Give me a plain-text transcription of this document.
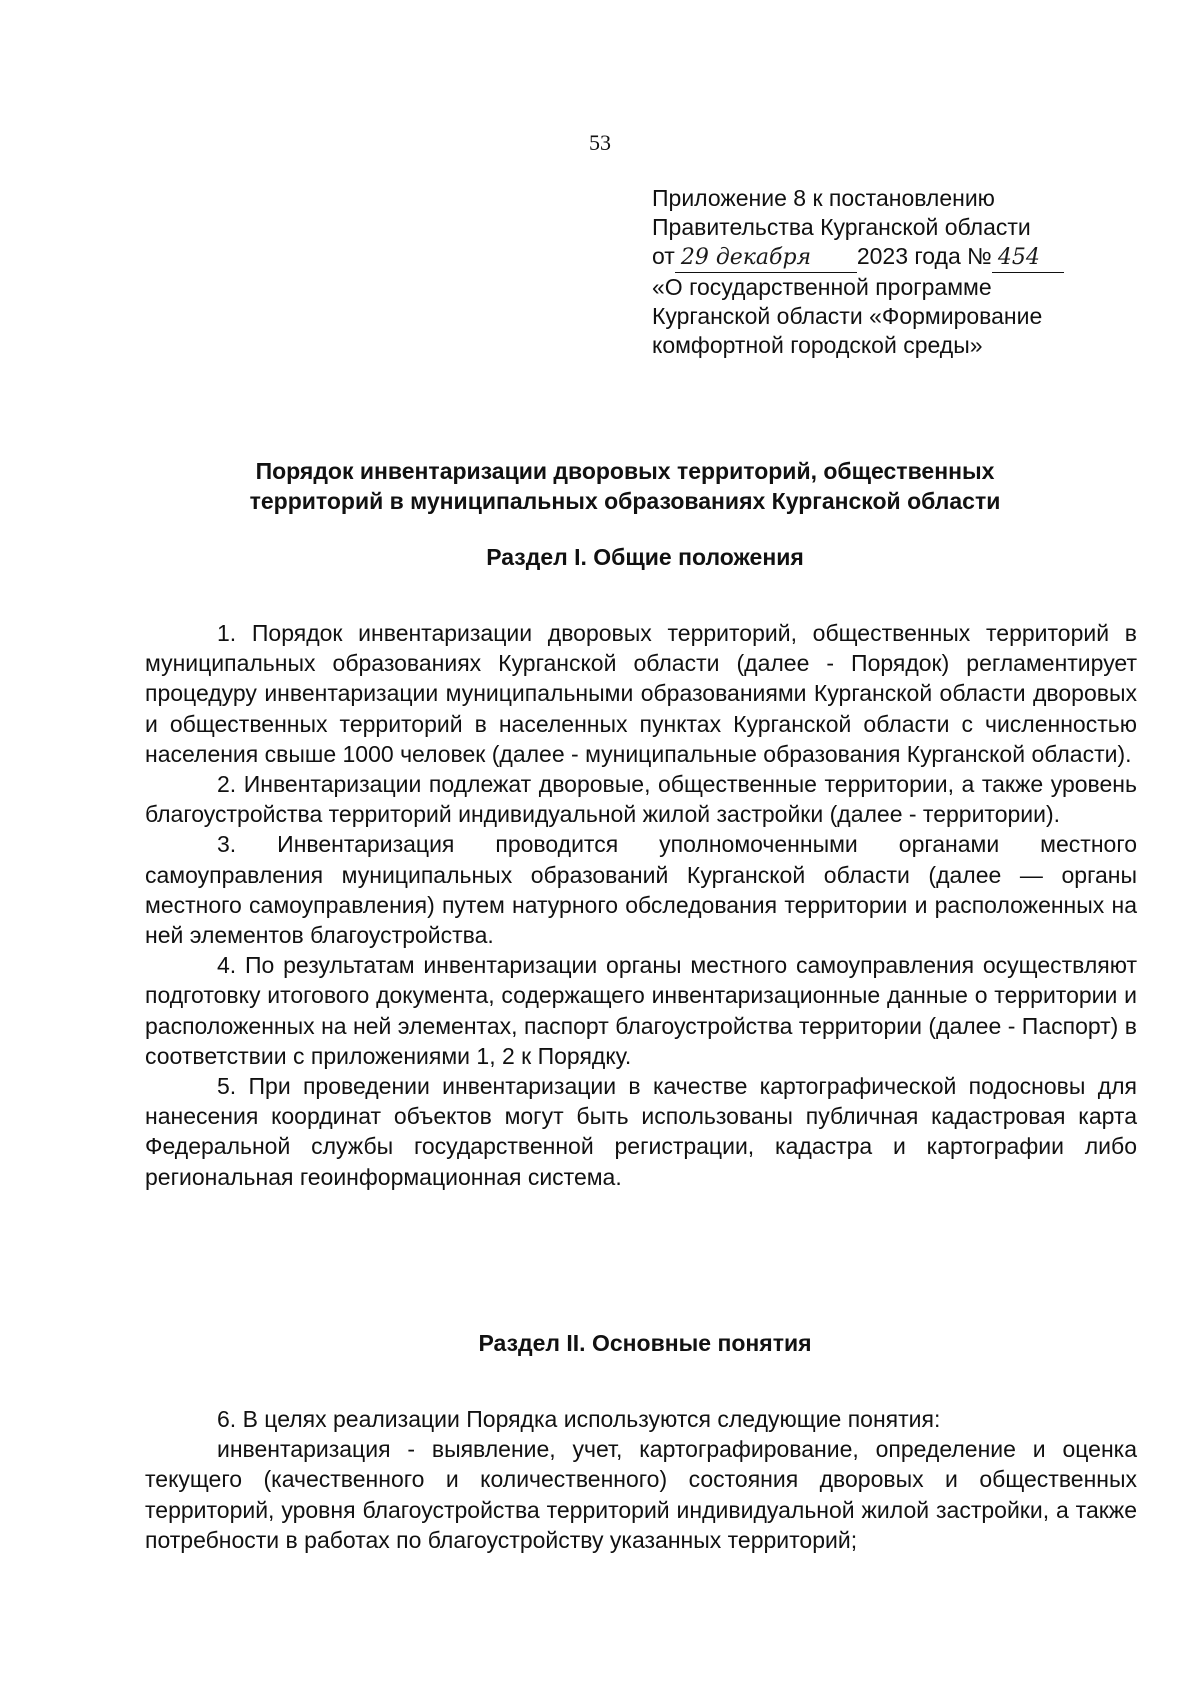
53
Приложение 8 к постановлению
Правительства Курганской области
от 29 декабря 2023 года № 454
«О государственной программе
Курганской области «Формирование
комфортной городской среды»
Порядок инвентаризации дворовых территорий, общественных
территорий в муниципальных образованиях Курганской области
Раздел I. Общие положения

1. Порядок инвентаризации дворовых территорий, общественных территорий в муниципальных образованиях Курганской области (далее - Порядок) регламентирует процедуру инвентаризации муниципальными образованиями Курганской области дворовых и общественных территорий в населенных пунктах Курганской области с численностью населения свыше 1000 человек (далее - муниципальные образования Курганской области).

2. Инвентаризации подлежат дворовые, общественные территории, а также уровень благоустройства территорий индивидуальной жилой застройки (далее - территории).

3. Инвентаризация проводится уполномоченными органами местного самоуправления муниципальных образований Курганской области (далее — органы местного самоуправления) путем натурного обследования территории и расположенных на ней элементов благоустройства.

4. По результатам инвентаризации органы местного самоуправления осуществляют подготовку итогового документа, содержащего инвентаризационные данные о территории и расположенных на ней элементах, паспорт благоустройства территории (далее - Паспорт) в соответствии с приложениями 1, 2 к Порядку.

5. При проведении инвентаризации в качестве картографической подосновы для нанесения координат объектов могут быть использованы публичная кадастровая карта Федеральной службы государственной регистрации, кадастра и картографии либо региональная геоинформационная система.

Раздел II. Основные понятия

6. В целях реализации Порядка используются следующие понятия:

инвентаризация - выявление, учет, картографирование, определение и оценка текущего (качественного и количественного) состояния дворовых и общественных территорий, уровня благоустройства территорий индивидуальной жилой застройки, а также потребности в работах по благоустройству указанных территорий;
